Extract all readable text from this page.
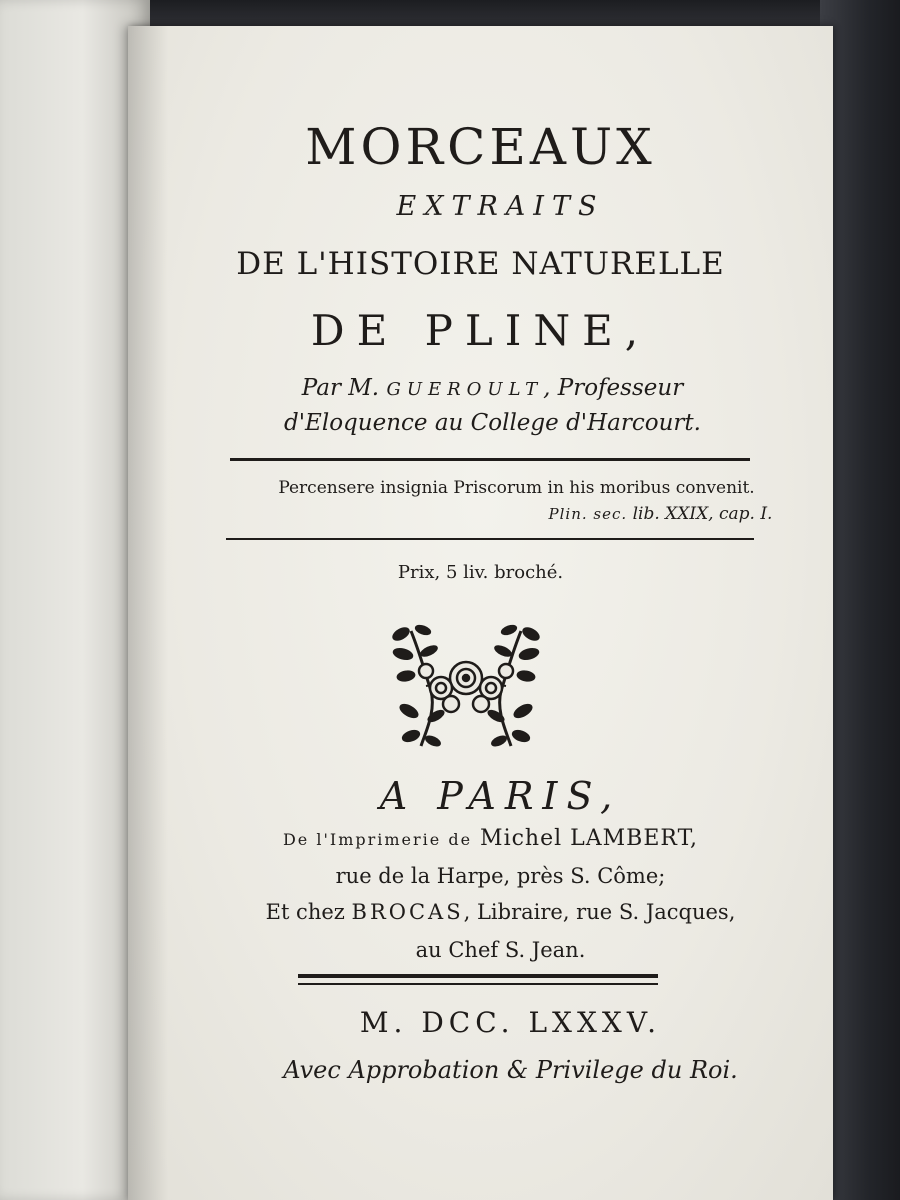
MORCEAUX
EXTRAITS
DE L'HISTOIRE NATURELLE
DE PLINE,
Par M. GUEROULT, Professeur
d'Eloquence au College d'Harcourt.
Percensere insignia Priscorum in his moribus convenit.
Plin. sec. lib. XXIX, cap. I.
Prix, 5 liv. broché.
A PARIS,
De l'Imprimerie de Michel LAMBERT,
rue de la Harpe, près S. Côme;
Et chez BROCAS, Libraire, rue S. Jacques,
au Chef S. Jean.
M. DCC. LXXXV.
Avec Approbation & Privilege du Roi.
